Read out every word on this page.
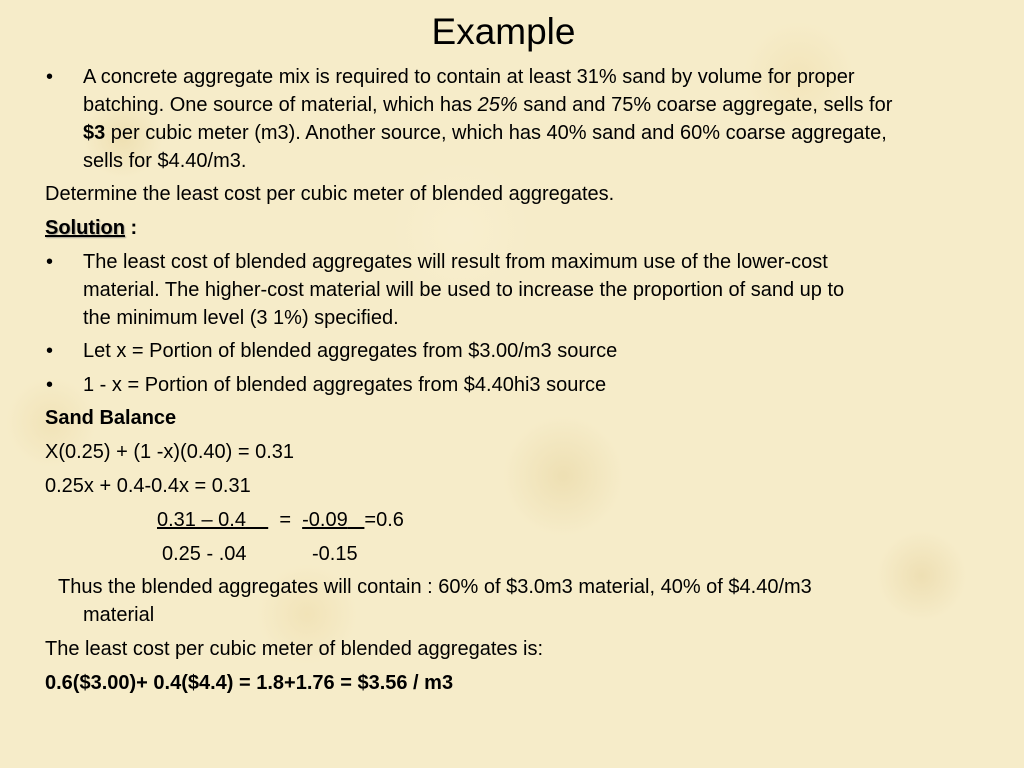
Example
• A concrete aggregate mix is required to contain at least 31% sand by volume for proper
batching. One source of material, which has 25% sand and 75% coarse aggregate, sells for
$3 per cubic meter (m3). Another source, which has 40% sand and 60% coarse aggregate,
sells for $4.40/m3.
Determine the least cost per cubic meter of blended aggregates.
Solution :
• The least cost of blended aggregates will result from maximum use of the lower-cost
material. The higher-cost material will be used to increase the proportion of sand up to
the minimum level (3 1%) specified.
• Let x = Portion of blended aggregates from $3.00/m3 source
• 1 - x = Portion of blended aggregates from $4.40hi3 source
Sand Balance
X(0.25) + (1 -x)(0.40) = 0.31
0.25x + 0.4-0.4x = 0.31
0.31 – 0.4 = -0.09 =0.6
0.25 - .04	-0.15
Thus the blended aggregates will contain : 60% of $3.0m3 material, 40% of $4.40/m3
material
The least cost per cubic meter of blended aggregates is:
0.6($3.00)+ 0.4($4.4) = 1.8+1.76 = $3.56 / m3
